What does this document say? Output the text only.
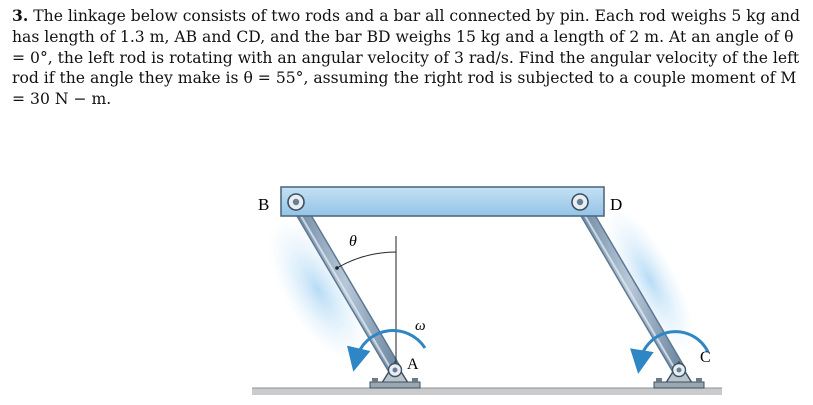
3. The linkage below consists of two rods and a bar all connected by pin. Each rod weighs 5 kg and has length of 1.3 m, AB and CD, and the bar BD weighs 15 kg and a length of 2 m. At an angle of θ = 0°, the left rod is rotating with an angular velocity of 3 rad/s. Find the angular velocity of the left rod if the angle they make is θ = 55°, assuming the right rod is subjected to a couple moment of M = 30 N − m.

B	D
A	C
θ
ω
